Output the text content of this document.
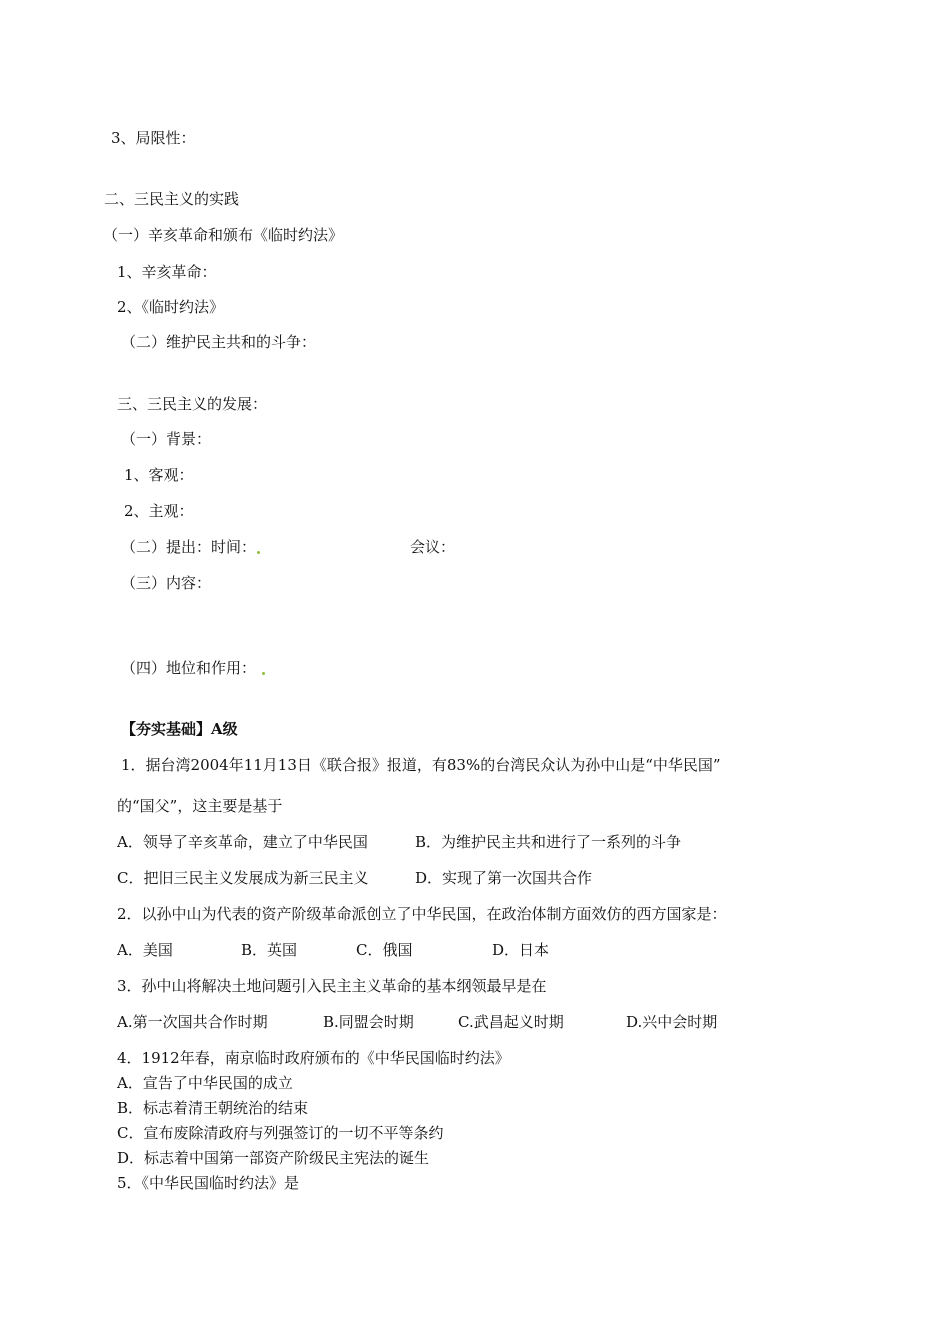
3、局限性：
二、三民主义的实践
（一）辛亥革命和颁布《临时约法》
1、辛亥革命：
2、《临时约法》
（二）维护民主共和的斗争：
三、三民主义的发展：
（一）背景：
1、客观：
2、主观：
（二）提出：时间：	会议：
（三）内容：
（四）地位和作用：
【夯实基础】A级
1．据台湾2004年11月13日《联合报》报道，有83%的台湾民众认为孙中山是“中华民国”
的“国父”，这主要是基于
A．领导了辛亥革命，建立了中华民国	B．为维护民主共和进行了一系列的斗争
C．把旧三民主义发展成为新三民主义	D．实现了第一次国共合作
2．以孙中山为代表的资产阶级革命派创立了中华民国，在政治体制方面效仿的西方国家是：
A．美国	B．英国	C．俄国	D．日本
3．孙中山将解决土地问题引入民主主义革命的基本纲领最早是在
A.第一次国共合作时期	B.同盟会时期	C.武昌起义时期	D.兴中会时期
4．1912年春，南京临时政府颁布的《中华民国临时约法》
A．宣告了中华民国的成立
B．标志着清王朝统治的结束
C．宣布废除清政府与列强签订的一切不平等条约
D．标志着中国第一部资产阶级民主宪法的诞生
5．《中华民国临时约法》是
